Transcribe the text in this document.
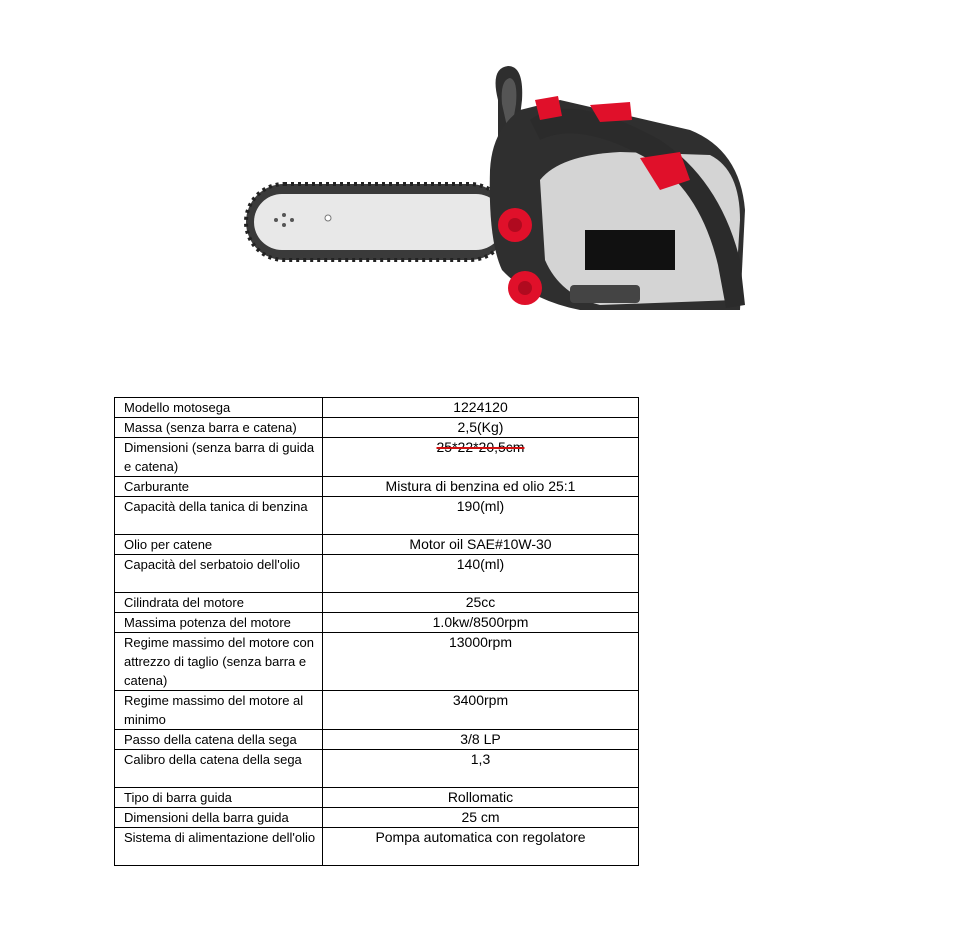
Modello motosega	1224120
Massa (senza barra e catena)	2,5(Kg)
Dimensioni (senza barra di guida e catena)	25*22*20,5cm
Carburante	Mistura di benzina ed olio 25:1
Capacità della tanica di benzina	190(ml)
Olio per catene	Motor oil SAE#10W-30
Capacità del serbatoio dell'olio	140(ml)
Cilindrata del motore	25cc
Massima potenza del motore	1.0kw/8500rpm
Regime massimo del motore con attrezzo di taglio (senza barra e catena)	13000rpm
Regime massimo del motore al minimo	3400rpm
Passo della catena della sega	3/8 LP
Calibro della catena della sega	1,3
Tipo di barra guida	Rollomatic
Dimensioni della barra guida	25 cm
Sistema di alimentazione dell'olio	Pompa automatica con regolatore
